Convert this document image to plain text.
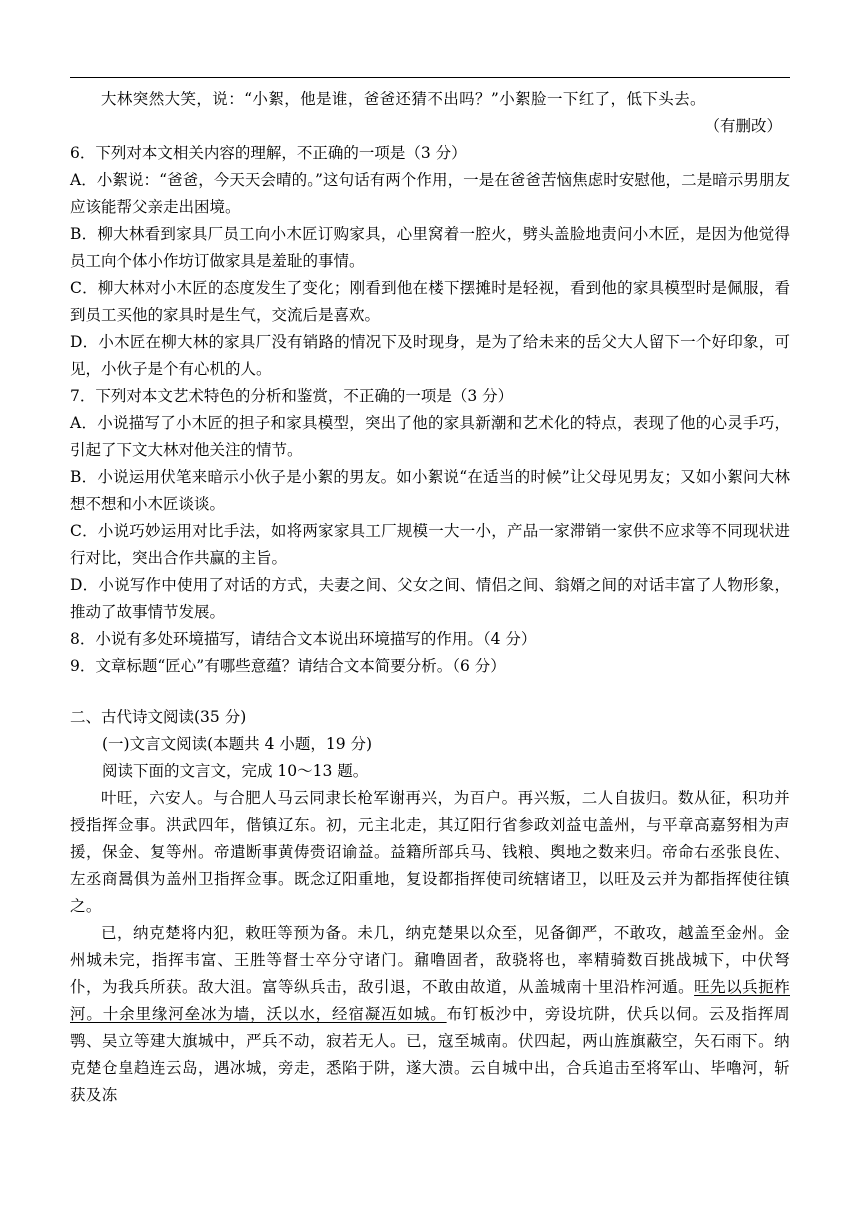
大林突然大笑，说：“小絮，他是谁，爸爸还猜不出吗？”小絮脸一下红了，低下头去。
（有删改）
6．下列对本文相关内容的理解，不正确的一项是（3 分）
A．小絮说：“爸爸，今天天会晴的。”这句话有两个作用，一是在爸爸苦恼焦虑时安慰他，二是暗示男朋友应该能帮父亲走出困境。
B．柳大林看到家具厂员工向小木匠订购家具，心里窝着一腔火，劈头盖脸地责问小木匠，是因为他觉得员工向个体小作坊订做家具是羞耻的事情。
C．柳大林对小木匠的态度发生了变化；刚看到他在楼下摆摊时是轻视，看到他的家具模型时是佩服，看到员工买他的家具时是生气，交流后是喜欢。
D．小木匠在柳大林的家具厂没有销路的情况下及时现身，是为了给未来的岳父大人留下一个好印象，可见，小伙子是个有心机的人。
7．下列对本文艺术特色的分析和鉴赏，不正确的一项是（3 分）
A．小说描写了小木匠的担子和家具模型，突出了他的家具新潮和艺术化的特点，表现了他的心灵手巧，引起了下文大林对他关注的情节。
B．小说运用伏笔来暗示小伙子是小絮的男友。如小絮说“在适当的时候”让父母见男友；又如小絮问大林想不想和小木匠谈谈。
C．小说巧妙运用对比手法，如将两家家具工厂规模一大一小，产品一家滞销一家供不应求等不同现状进行对比，突出合作共赢的主旨。
D．小说写作中使用了对话的方式，夫妻之间、父女之间、情侣之间、翁婿之间的对话丰富了人物形象，推动了故事情节发展。
8．小说有多处环境描写，请结合文本说出环境描写的作用。（4 分）
9．文章标题“匠心”有哪些意蕴？请结合文本简要分析。（6 分）
二、古代诗文阅读(35 分)
(一)文言文阅读(本题共 4 小题，19 分)
阅读下面的文言文，完成 10～13 题。
叶旺，六安人。与合肥人马云同隶长枪军谢再兴，为百户。再兴叛，二人自拔归。数从征，积功并授指挥佥事。洪武四年，偕镇辽东。初，元主北走，其辽阳行省参政刘益屯盖州，与平章高嘉努相为声援，保金、复等州。帝遣断事黄俦赍诏谕益。益籍所部兵马、钱粮、舆地之数来归。帝命右丞张良佐、左丞商暠俱为盖州卫指挥佥事。既念辽阳重地，复设都指挥使司统辖诸卫，以旺及云并为都指挥使往镇之。
已，纳克楚将内犯，敕旺等预为备。未几，纳克楚果以众至，见备御严，不敢攻，越盖至金州。金州城未完，指挥韦富、王胜等督士卒分守诸门。鼐噜固者，敌骁将也，率精骑数百挑战城下，中伏弩仆，为我兵所获。敌大沮。富等纵兵击，敌引退，不敢由故道，从盖城南十里沿柞河遁。旺先以兵扼柞河。十余里缘河垒冰为墙，沃以水，经宿凝冱如城。布钉板沙中，旁设坑阱，伏兵以伺。云及指挥周鹗、吴立等建大旗城中，严兵不动，寂若无人。已，寇至城南。伏四起，两山旌旗蔽空，矢石雨下。纳克楚仓皇趋连云岛，遇冰城，旁走，悉陷于阱，遂大溃。云自城中出，合兵追击至将军山、毕嚕河，斩获及冻
